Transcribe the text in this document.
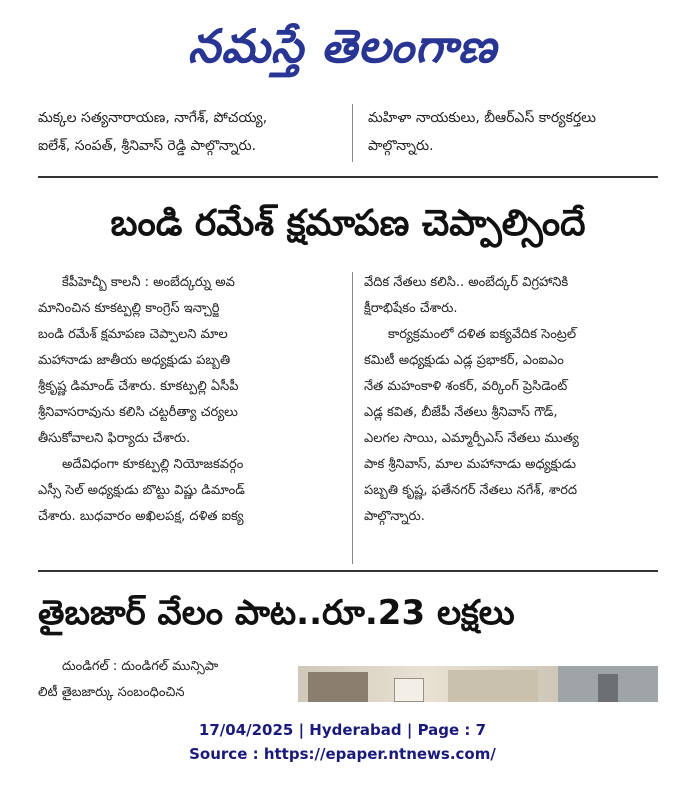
నమస్తే తెలంగాణ
మక్కల సత్యనారాయణ, నాగేశ్, పోచయ్య,
ఐలేశ్, సంపత్, శ్రీనివాస్ రెడ్డి పాల్గొన్నారు.
మహిళా నాయకులు, బీఆర్ఎస్ కార్యకర్తలు
పాల్గొన్నారు.
బండి రమేశ్ క్షమాపణ చెప్పాల్సిందే
కేపీహెచ్బీ కాలనీ : అంబేద్కర్ను అవ
మానించిన కూకట్పల్లి కాంగ్రెస్ ఇన్చార్జి
బండి రమేశ్ క్షమాపణ చెప్పాలని మాల
మహానాడు జాతీయ అధ్యక్షుడు పబ్బతి
శ్రీకృష్ణ డిమాండ్ చేశారు. కూకట్పల్లి ఏసీపీ
శ్రీనివాసరావును కలిసి చట్టరీత్యా చర్యలు
తీసుకోవాలని ఫిర్యాదు చేశారు.
అదేవిధంగా కూకట్పల్లి నియోజకవర్గం
ఎస్సీ సెల్ అధ్యక్షుడు బొట్టు విష్ణు డిమాండ్
చేశారు. బుధవారం అఖిలపక్ష, దళిత ఐక్య
వేదిక నేతలు కలిసి.. అంబేద్కర్ విగ్రహానికి
క్షీరాభిషేకం చేశారు.
కార్యక్రమంలో దళిత ఐక్యవేదిక సెంట్రల్
కమిటీ అధ్యక్షుడు ఎడ్ల ప్రభాకర్, ఎంఐఎం
నేత మహంకాళి శంకర్, వర్కింగ్ ప్రెసిడెంట్
ఎడ్ల కవిత, బీజేపీ నేతలు శ్రీనివాస్ గౌడ్,
ఎలగల సాయి, ఎమ్మార్పీఎస్ నేతలు ముత్య
పాక శ్రీనివాస్, మాల మహానాడు అధ్యక్షుడు
పబ్బతి కృష్ణ, ఫతేనగర్ నేతలు నగేశ్, శారద
పాల్గొన్నారు.
తైబజార్ వేలం పాట..రూ.23 లక్షలు
దుండిగల్ : దుండిగల్ మున్సిపా
లిటీ తైబజార్కు సంబంధించిన
17/04/2025 | Hyderabad | Page : 7
Source : https://epaper.ntnews.com/
